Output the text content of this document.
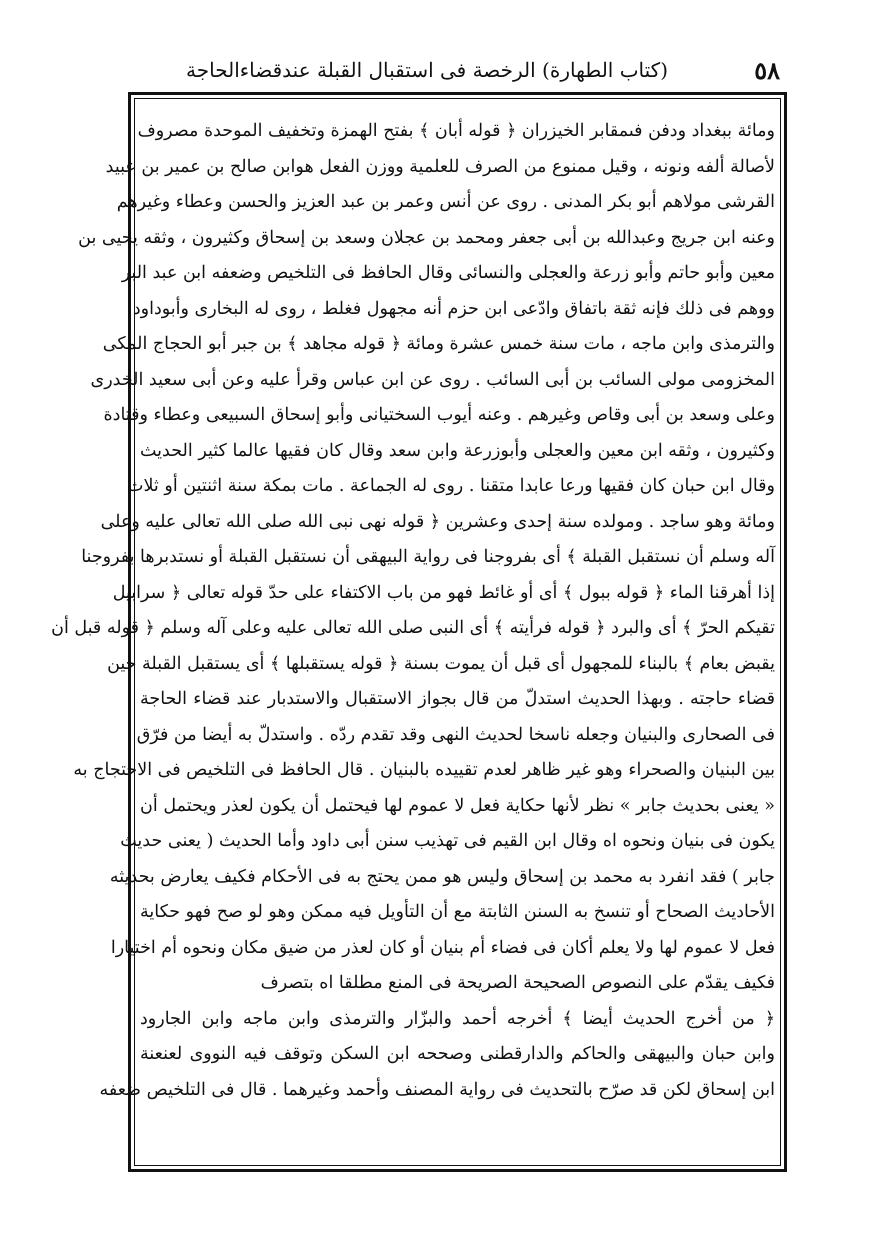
٥٨
(كتاب الطهارة) الرخصة فى استقبال القبلة عندقضاءالحاجة
ومائة ببغداد ودفن فىمقابر الخيزران ﴿ قوله أبان ﴾ بفتح الهمزة وتخفيف الموحدة مصروف
لأصالة ألفه ونونه ، وقيل ممنوع من الصرف للعلمية ووزن الفعل هوابن صالح بن عمير بن عبيد
القرشى مولاهم أبو بكر المدنى . روى عن أنس وعمر بن عبد العزيز والحسن وعطاء وغيرهم
وعنه ابن جريج وعبدالله بن أبى جعفر ومحمد بن عجلان وسعد بن إسحاق وكثيرون ، وثقه يحيى بن
معين وأبو حاتم وأبو زرعة والعجلى والنسائى وقال الحافظ فى التلخيص وضعفه ابن عبد البر
ووهم فى ذلك فإنه ثقة باتفاق وادّعى ابن حزم أنه مجهول فغلط ، روى له البخارى وأبوداود
والترمذى وابن ماجه ، مات سنة خمس عشرة ومائة ﴿ قوله مجاهد ﴾ بن جبر أبو الحجاج المكى
المخزومى مولى السائب بن أبى السائب . روى عن ابن عباس وقرأ عليه وعن أبى سعيد الخدرى
وعلى وسعد بن أبى وقاص وغيرهم . وعنه أيوب السختيانى وأبو إسحاق السبيعى وعطاء وقتادة
وكثيرون ، وثقه ابن معين والعجلى وأبوزرعة وابن سعد وقال كان فقيها عالما كثير الحديث
وقال ابن حبان كان فقيها ورعا عابدا متقنا . روى له الجماعة . مات بمكة سنة اثنتين أو ثلاث
ومائة وهو ساجد . ومولده سنة إحدى وعشرين ﴿ قوله نهى نبى الله صلى الله تعالى عليه وعلى
آله وسلم أن نستقبل القبلة ﴾ أى بفروجنا فى رواية البيهقى أن نستقبل القبلة أو نستدبرها بفروجنا
إذا أهرقنا الماء ﴿ قوله ببول ﴾ أى أو غائط فهو من باب الاكتفاء على حدّ قوله تعالى ﴿ سرابيل
تقيكم الحرّ ﴾ أى والبرد ﴿ قوله فرأيته ﴾ أى النبى صلى الله تعالى عليه وعلى آله وسلم ﴿ قوله قبل أن
يقبض بعام ﴾ بالبناء للمجهول أى قبل أن يموت بسنة ﴿ قوله يستقبلها ﴾ أى يستقبل القبلة حين
قضاء حاجته . وبهذا الحديث استدلّ من قال بجواز الاستقبال والاستدبار عند قضاء الحاجة
فى الصحارى والبنيان وجعله ناسخا لحديث النهى وقد تقدم ردّه . واستدلّ به أيضا من فرّق
بين البنيان والصحراء وهو غير ظاهر لعدم تقييده بالبنيان . قال الحافظ فى التلخيص فى الاحتجاج به
« يعنى بحديث جابر » نظر لأنها حكاية فعل لا عموم لها فيحتمل أن يكون لعذر ويحتمل أن
يكون فى بنيان ونحوه اه وقال ابن القيم فى تهذيب سنن أبى داود وأما الحديث ( يعنى حديث
جابر ) فقد انفرد به محمد بن إسحاق وليس هو ممن يحتج به فى الأحكام فكيف يعارض بحديثه
الأحاديث الصحاح أو تنسخ به السنن الثابتة مع أن التأويل فيه ممكن وهو لو صح فهو حكاية
فعل لا عموم لها ولا يعلم أكان فى فضاء أم بنيان أو كان لعذر من ضيق مكان ونحوه أم اختيارا
فكيف يقدّم على النصوص الصحيحة الصريحة فى المنع مطلقا اه بتصرف
﴿ من أخرج الحديث أيضا ﴾ أخرجه أحمد والبزّار والترمذى وابن ماجه وابن الجارود
وابن حبان والبيهقى والحاكم والدارقطنى وصححه ابن السكن وتوقف فيه النووى لعنعنة
ابن إسحاق لكن قد صرّح بالتحديث فى رواية المصنف وأحمد وغيرهما . قال فى التلخيص ضعفه
